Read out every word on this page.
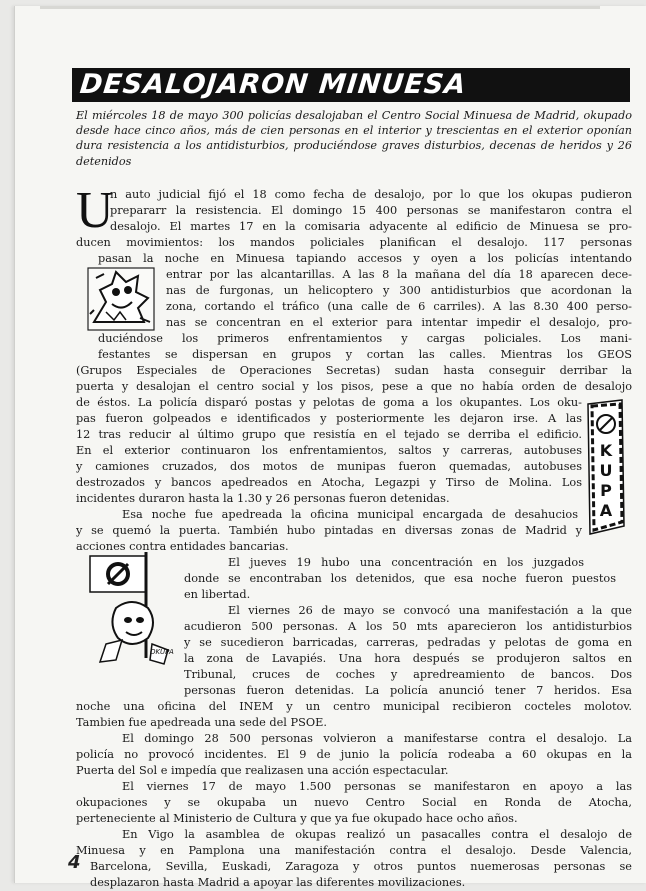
DESALOJARON MINUESA
El miércoles 18 de mayo 300 policías desalojaban el Centro Social Minuesa de Madrid, okupado desde hace cinco años, más de cien personas en el interior y trescientas en el exterior oponían dura resistencia a los antidisturbios, produciéndose graves disturbios, decenas de heridos y 26 detenidos
U
n auto judicial fijó el 18 como fecha de desalojo, por lo que los okupas pudieron
prepararr la resistencia. El domingo 15 400 personas se manifestaron contra el
desalojo. El martes 17 en la comisaria adyacente al edificio de Minuesa se pro-
ducen movimientos: los mandos policiales planifican el desalojo. 117 personas
pasan la noche en Minuesa tapiando accesos y oyen a los policías intentando
entrar por las alcantarillas. A las 8 la mañana del día 18 aparecen dece-
nas de furgonas, un helicoptero y 300 antidisturbios que acordonan la
zona, cortando el tráfico (una calle de 6 carriles). A las 8.30 400 perso-
nas se concentran en el exterior para intentar impedir el desalojo, pro-
duciéndose los primeros enfrentamientos y cargas policiales. Los mani-
festantes se dispersan en grupos y cortan las calles. Mientras los GEOS
(Grupos Especiales de Operaciones Secretas) sudan hasta conseguir derribar la
puerta y desalojan el centro social y los pisos, pese a que no había orden de desalojo
de éstos. La policía disparó postas y pelotas de goma a los okupantes. Los oku-
pas fueron golpeados e identificados y posteriormente les dejaron irse. A las
12 tras reducir al último grupo que resistía en el tejado se derriba el edificio.
En el exterior continuaron los enfrentamientos, saltos y carreras, autobuses
y camiones cruzados, dos motos de munipas fueron quemadas, autobuses
destrozados y bancos apedreados en Atocha, Legazpi y Tirso de Molina. Los
incidentes duraron hasta la 1.30 y 26 personas fueron detenidas.
Esa noche fue apedreada la oficina municipal encargada de desahucios
y se quemó la puerta. También hubo pintadas en diversas zonas de Madrid y
acciones contra entidades bancarias.
El jueves 19 hubo una concentración en los juzgados
donde se encontraban los detenidos, que esa noche fueron puestos
en libertad.
El viernes 26 de mayo se convocó una manifestación a la que
acudieron 500 personas. A los 50 mts aparecieron los antidisturbios
y se sucedieron barricadas, carreras, pedradas y pelotas de goma en
la zona de Lavapiés. Una hora después se produjeron saltos en
Tribunal, cruces de coches y apredreamiento de bancos. Dos
personas fueron detenidas. La policía anunció tener 7 heridos. Esa
noche una oficina del INEM y un centro municipal recibieron cocteles molotov.
Tambien fue apedreada una sede del PSOE.
El domingo 28 500 personas volvieron a manifestarse contra el desalojo. La
policía no provocó incidentes. El 9 de junio la policía rodeaba a 60 okupas en la
Puerta del Sol e impedía que realizasen una acción espectacular.
El viernes 17 de mayo 1.500 personas se manifestaron en apoyo a las
okupaciones y se okupaba un nuevo Centro Social en Ronda de Atocha,
perteneciente al Ministerio de Cultura y que ya fue okupado hace ocho años.
En Vigo la asamblea de okupas realizó un pasacalles contra el desalojo de
Minuesa y en Pamplona una manifestación contra el desalojo. Desde Valencia,
Barcelona, Sevilla, Euskadi, Zaragoza y otros puntos nuemerosas personas se
desplazaron hasta Madrid a apoyar las diferentes movilizaciones.
K
U
P
A
OKUPA
4
